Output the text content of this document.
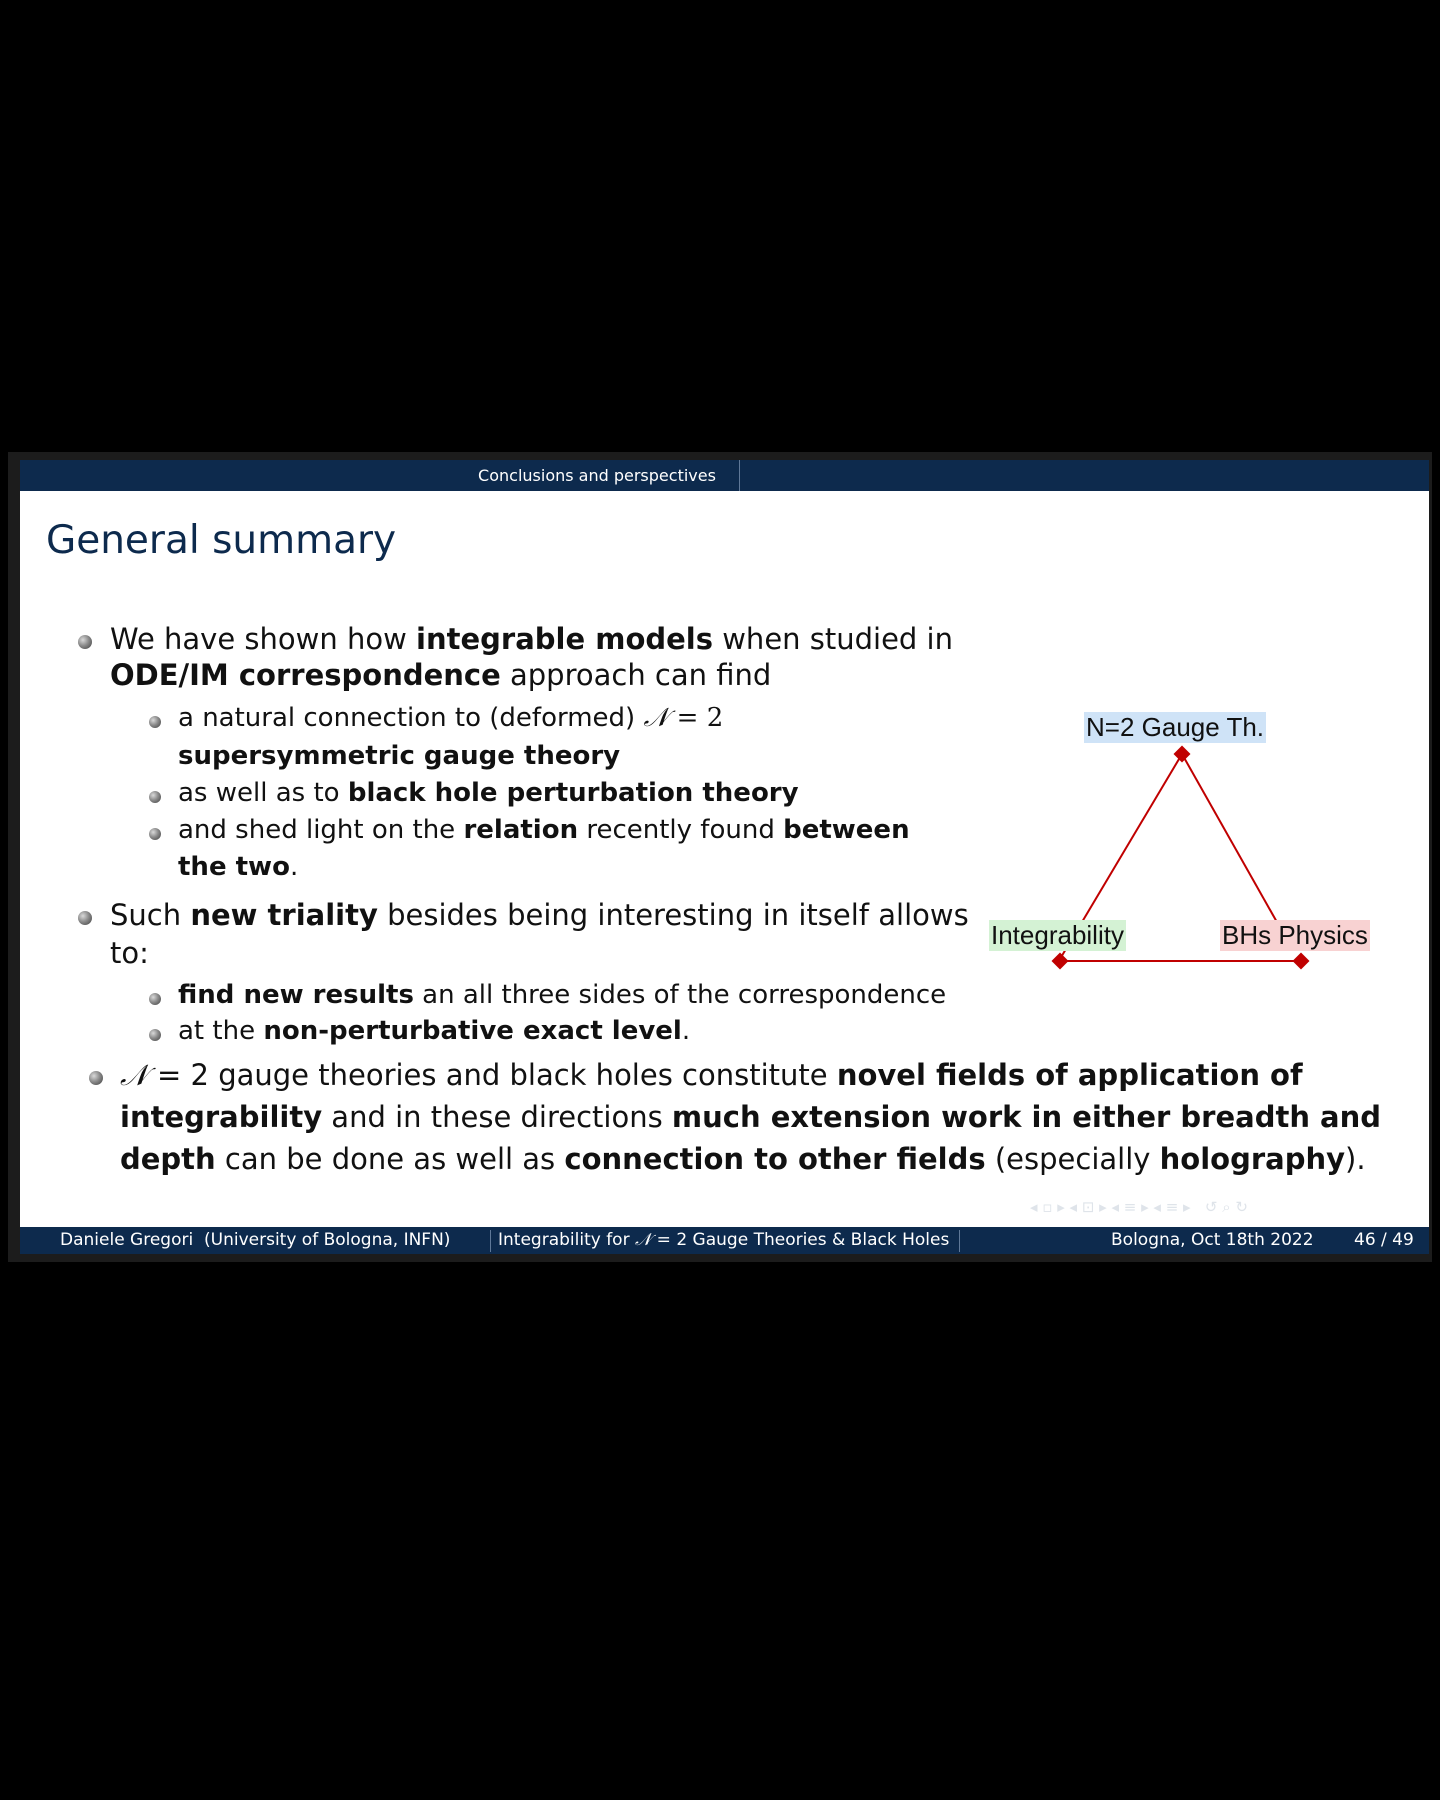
Conclusions and perspectives
General summary
We have shown how integrable models when studied in
ODE/IM correspondence approach can find
a natural connection to (deformed) 𝒩 = 2
supersymmetric gauge theory
as well as to black hole perturbation theory
and shed light on the relation recently found between
the two.
Such new triality besides being interesting in itself allows
to:
find new results an all three sides of the correspondence
at the non-perturbative exact level.
𝒩 = 2 gauge theories and black holes constitute novel fields of application of
integrability and in these directions much extension work in either breadth and
depth can be done as well as connection to other fields (especially holography).
N=2 Gauge Th.
Integrability	BHs Physics
◂ ▫ ▸ ◂ ⊡ ▸ ◂ ≡ ▸ ◂ ≡ ▸   ↺ ⌕ ↻
Daniele Gregori (University of Bologna, INFN)	Integrability for 𝒩 = 2 Gauge Theories & Black Holes	Bologna, Oct 18th 2022 46 / 49
